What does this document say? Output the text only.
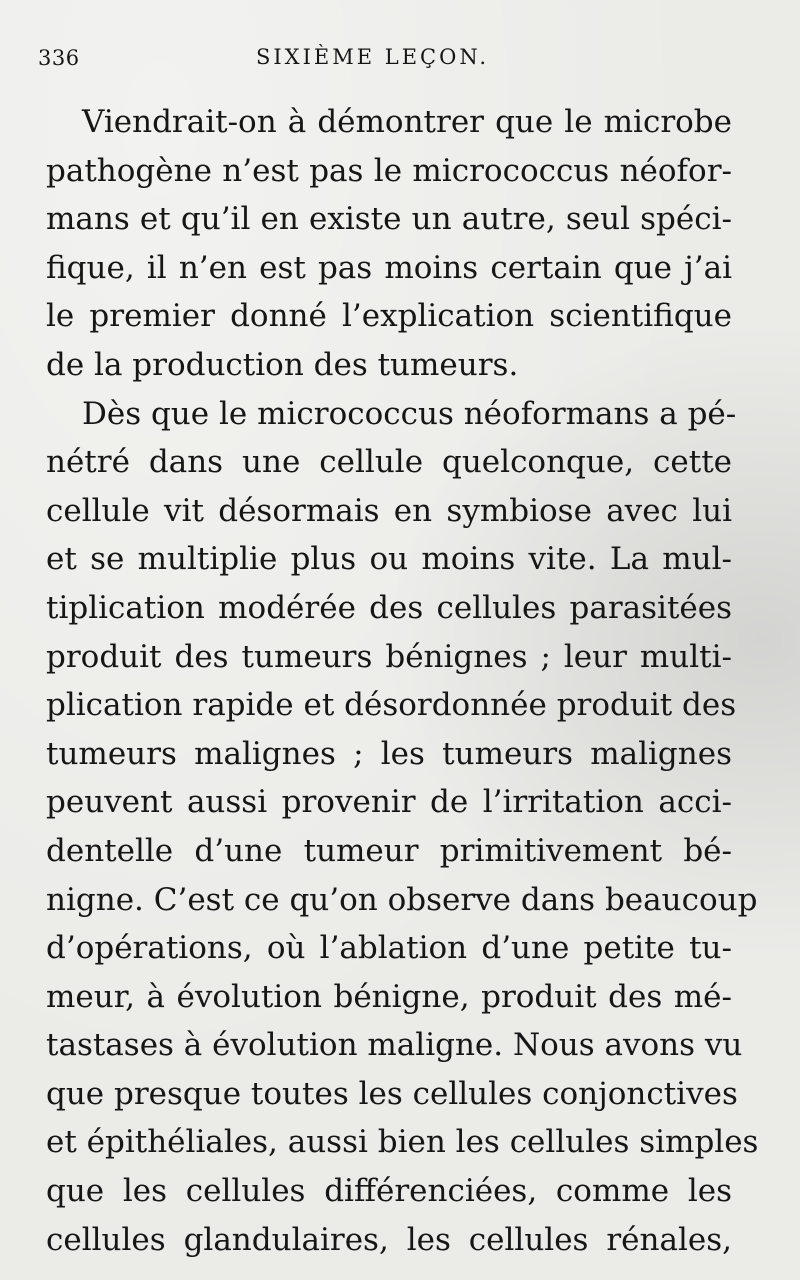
336	SIXIÈME LEÇON.
Viendrait-on à démontrer que le microbe
pathogène n’est pas le micrococcus néofor-
mans et qu’il en existe un autre, seul spéci-
fique, il n’en est pas moins certain que j’ai
le premier donné l’explication scientifique
de la production des tumeurs.
Dès que le micrococcus néoformans a pé-
nétré dans une cellule quelconque, cette
cellule vit désormais en symbiose avec lui
et se multiplie plus ou moins vite. La mul-
tiplication modérée des cellules parasitées
produit des tumeurs bénignes ; leur multi-
plication rapide et désordonnée produit des
tumeurs malignes ; les tumeurs malignes
peuvent aussi provenir de l’irritation acci-
dentelle d’une tumeur primitivement bé-
nigne. C’est ce qu’on observe dans beaucoup
d’opérations, où l’ablation d’une petite tu-
meur, à évolution bénigne, produit des mé-
tastases à évolution maligne. Nous avons vu
que presque toutes les cellules conjonctives
et épithéliales, aussi bien les cellules simples
que les cellules différenciées, comme les
cellules glandulaires, les cellules rénales,
